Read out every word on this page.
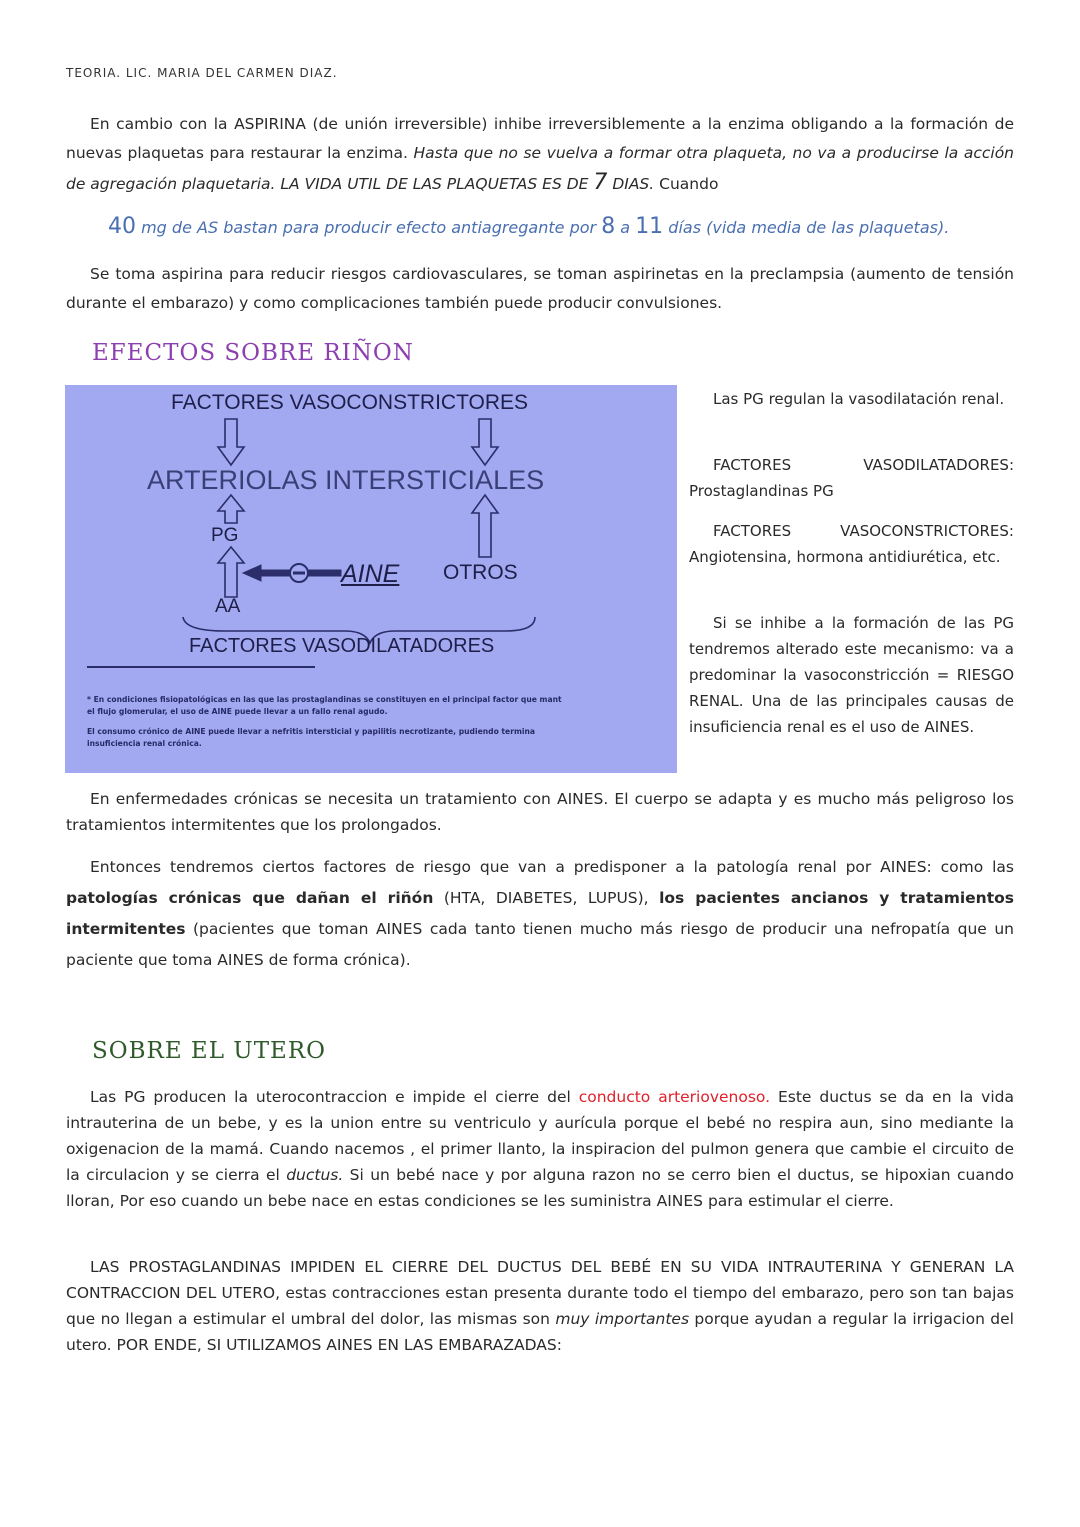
TEORIA. LIC. MARIA DEL CARMEN DIAZ.
En cambio con la ASPIRINA (de unión irreversible) inhibe irreversiblemente a la enzima obligando a la formación de nuevas plaquetas para restaurar la enzima. Hasta que no se vuelva a formar otra plaqueta, no va a producirse la acción de agregación plaquetaria. LA VIDA UTIL DE LAS PLAQUETAS ES DE 7 DIAS. Cuando
40 mg de AS bastan para producir efecto antiagregante por 8 a 11 días (vida media de las plaquetas).
Se toma aspirina para reducir riesgos cardiovasculares, se toman aspirinetas en la preclampsia (aumento de tensión durante el embarazo) y como complicaciones también puede producir convulsiones.
EFECTOS SOBRE RIÑON
FACTORES VASOCONSTRICTORES
ARTERIOLAS INTERSTICIALES
PG
AINE OTROS
AA
FACTORES VASODILATADORES
* En condiciones fisiopatológicas en las que las prostaglandinas se constituyen en el principal factor que mant
el flujo glomerular, el uso de AINE puede llevar a un fallo renal agudo.
El consumo crónico de AINE puede llevar a nefritis intersticial y papilitis necrotizante, pudiendo termina
insuficiencia renal crónica.
Las PG regulan la vasodilatación renal.
FACTORES VASODILATADORES: Prostaglandinas PG
FACTORES VASOCONSTRICTORES: Angiotensina, hormona antidiurética, etc.
Si se inhibe a la formación de las PG tendremos alterado este mecanismo: va a predominar la vasoconstricción = RIESGO RENAL. Una de las principales causas de insuficiencia renal es el uso de AINES.
En enfermedades crónicas se necesita un tratamiento con AINES. El cuerpo se adapta y es mucho más peligroso los tratamientos intermitentes que los prolongados.
Entonces tendremos ciertos factores de riesgo que van a predisponer a la patología renal por AINES: como las patologías crónicas que dañan el riñón (HTA, DIABETES, LUPUS), los pacientes ancianos y tratamientos intermitentes (pacientes que toman AINES cada tanto tienen mucho más riesgo de producir una nefropatía que un paciente que toma AINES de forma crónica).
SOBRE EL UTERO
Las PG producen la uterocontraccion e impide el cierre del conducto arteriovenoso. Este ductus se da en la vida intrauterina de un bebe, y es la union entre su ventriculo y aurícula porque el bebé no respira aun, sino mediante la oxigenacion de la mamá. Cuando nacemos , el primer llanto, la inspiracion del pulmon genera que cambie el circuito de la circulacion y se cierra el ductus. Si un bebé nace y por alguna razon no se cerro bien el ductus, se hipoxian cuando lloran, Por eso cuando un bebe nace en estas condiciones se les suministra AINES para estimular el cierre.
LAS PROSTAGLANDINAS IMPIDEN EL CIERRE DEL DUCTUS DEL BEBÉ EN SU VIDA INTRAUTERINA Y GENERAN LA CONTRACCION DEL UTERO, estas contracciones estan presenta durante todo el tiempo del embarazo, pero son tan bajas que no llegan a estimular el umbral del dolor, las mismas son muy importantes porque ayudan a regular la irrigacion del utero. POR ENDE, SI UTILIZAMOS AINES EN LAS EMBARAZADAS:
